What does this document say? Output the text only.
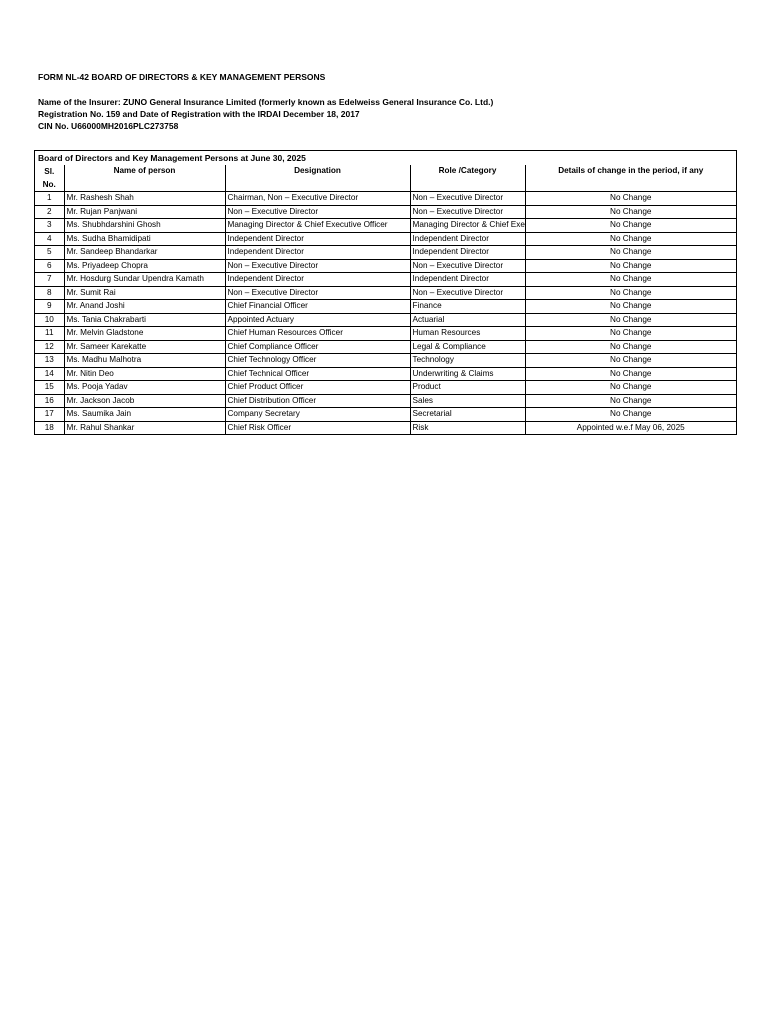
FORM NL-42 BOARD OF DIRECTORS & KEY MANAGEMENT PERSONS

Name of the Insurer: ZUNO General Insurance Limited (formerly known as Edelweiss General Insurance Co. Ltd.)

Registration No. 159 and Date of Registration with the IRDAI December 18, 2017

CIN No. U66000MH2016PLC273758

Board of Directors and Key Management Persons at June 30, 2025
Sl.
No.	Name of person	Designation	Role /Category	Details of change in the period, if any
1	Mr. Rashesh Shah	Chairman, Non – Executive Director	Non – Executive Director	No Change
2	Mr. Rujan Panjwani	Non – Executive Director	Non – Executive Director	No Change
3	Ms. Shubhdarshini Ghosh	Managing Director & Chief Executive Officer	Managing Director & Chief Exe	No Change
4	Ms. Sudha Bhamidipati	Independent Director	Independent Director	No Change
5	Mr. Sandeep Bhandarkar	Independent Director	Independent Director	No Change
6	Ms. Priyadeep Chopra	Non – Executive Director	Non – Executive Director	No Change
7	Mr. Hosdurg Sundar Upendra Kamath	Independent Director	Independent Director	No Change
8	Mr. Sumit Rai	Non – Executive Director	Non – Executive Director	No Change
9	Mr. Anand Joshi	Chief Financial Officer	Finance	No Change
10	Ms. Tania Chakrabarti	Appointed Actuary	Actuarial	No Change
11	Mr. Melvin Gladstone	Chief Human Resources Officer	Human Resources	No Change
12	Mr. Sameer Karekatte	Chief Compliance Officer	Legal & Compliance	No Change
13	Ms. Madhu Malhotra	Chief Technology Officer	Technology	No Change
14	Mr. Nitin Deo	Chief Technical Officer	Underwriting & Claims	No Change
15	Ms. Pooja Yadav	Chief Product Officer	Product	No Change
16	Mr. Jackson Jacob	Chief Distribution Officer	Sales	No Change
17	Ms. Saumika Jain	Company Secretary	Secretarial	No Change
18	Mr. Rahul Shankar	Chief Risk Officer	Risk	Appointed w.e.f May 06, 2025
